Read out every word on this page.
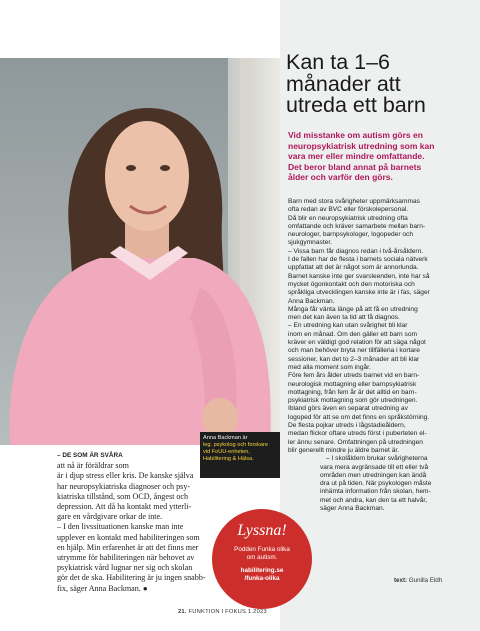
Anna Backman är
leg. psykolog och forskare
vid FoUU-enheten,
Habilitering & Hälsa.
Kan ta 1–6
månader att
utreda ett barn
Vid misstanke om autism görs en
neuropsykiatrisk utredning som kan
vara mer eller mindre omfattande.
Det beror bland annat på barnets
ålder och varför den görs.
Barn med stora svårigheter uppmärksammas
ofta redan av BVC eller förskolepersonal.
Då blir en neuropsykiatrisk utredning ofta
omfattande och kräver samarbete mellan barn-
neurologer, barnpsykologer, logopeder och
sjukgymnaster.
– Vissa barn får diagnos redan i två-årsåldern.
I de fallen har de flesta i barnets sociala nätverk
uppfattat att det är något som är annorlunda.
Barnet kanske inte ger svarsleenden, inte har så
mycket ögonkontakt och den motoriska och
språkliga utvecklingen kanske inte är i fas, säger
Anna Backman.
Många får vänta länge på att få en utredning
men det kan även ta tid att få diagnos.
– En utredning kan utan svårighet bli klar
inom en månad. Om den gäller ett barn som
kräver en väldigt god relation för att säga något
och man behöver bryta ner tillfällena i kortare
sessioner, kan det to 2–3 månader att bli klar
med alla moment som ingår.
Före fem års ålder utreds barnet vid en barn-
neurologisk mottagning eller barnpsykiatrisk
mottagning, från fem år är det alltid en barn-
psykiatrisk mottagning som gör utredningen.
Ibland görs även en separat utredning av
logoped för att se om det finns en språkstörning.
De flesta pojkar utreds i lågstadieåldern,
medan flickor oftare utreds först i puberteten el-
ler ännu senare. Omfattningen på utredningen
blir generellt mindre ju äldre barnet är.
– I skolåldern brukar svårigheterna
vara mera avgränsade till ett eller två
områden men utredningen kan ändå
dra ut på tiden. När psykologen måste
inhämta information från skolan, hem-
met och andra, kan den ta ett halvår,
säger Anna Backman.
text: Gunilla Eldh
– DE SOM ÄR SVÅRA
att nå är föräldrar som
är i djup stress eller kris. De kanske själva
har neuropsykiatriska diagnoser och psy-
kiatriska tillstånd, som OCD, ångest och
depression. Att då ha kontakt med ytterli-
gare en vårdgivare orkar de inte.
– I den livssituationen kanske man inte
upplever en kontakt med habiliteringen som
en hjälp. Min erfarenhet är att det finns mer
utrymme för habiliteringen när behovet av
psykiatrisk vård lugnar ner sig och skolan
gör det de ska. Habilitering är ju ingen snabb-
fix, säger Anna Backman. ●
Lyssna!
Podden Funka olika
om autism.
habilitering.se
/funka-olika
21. FUNKTION I FOKUS 1.2023
